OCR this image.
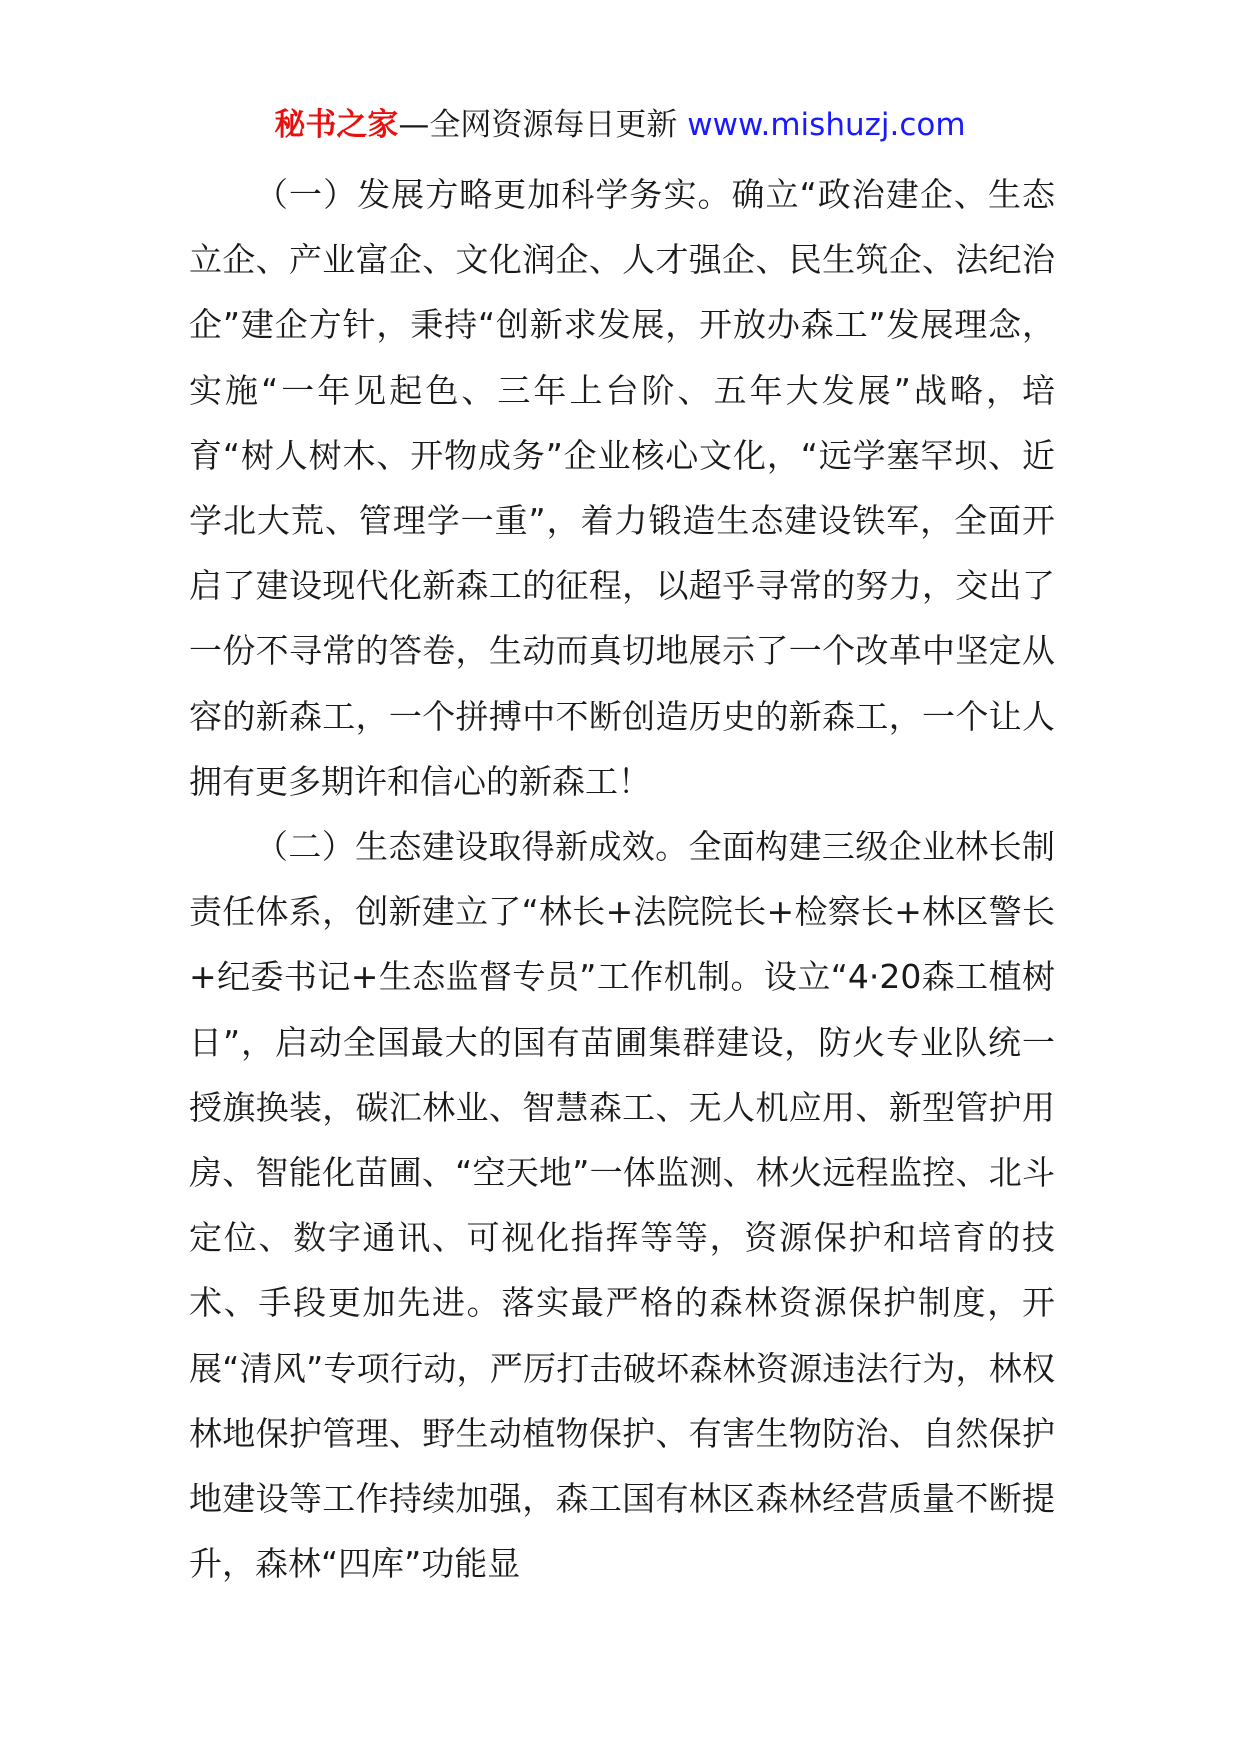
秘书之家—全网资源每日更新 www.mishuzj.com

（一）发展方略更加科学务实。确立“政治建企、生态立企、产业富企、文化润企、人才强企、民生筑企、法纪治企”建企方针，秉持“创新求发展，开放办森工”发展理念，实施“一年见起色、三年上台阶、五年大发展”战略，培育“树人树木、开物成务”企业核心文化，“远学塞罕坝、近学北大荒、管理学一重”，着力锻造生态建设铁军，全面开启了建设现代化新森工的征程，以超乎寻常的努力，交出了一份不寻常的答卷，生动而真切地展示了一个改革中坚定从容的新森工，一个拼搏中不断创造历史的新森工，一个让人拥有更多期许和信心的新森工！

（二）生态建设取得新成效。全面构建三级企业林长制责任体系，创新建立了“林长+法院院长+检察长+林区警长+纪委书记+生态监督专员”工作机制。设立“4·20森工植树日”，启动全国最大的国有苗圃集群建设，防火专业队统一授旗换装，碳汇林业、智慧森工、无人机应用、新型管护用房、智能化苗圃、“空天地”一体监测、林火远程监控、北斗定位、数字通讯、可视化指挥等等，资源保护和培育的技术、手段更加先进。落实最严格的森林资源保护制度，开展“清风”专项行动，严厉打击破坏森林资源违法行为，林权林地保护管理、野生动植物保护、有害生物防治、自然保护地建设等工作持续加强，森工国有林区森林经营质量不断提升，森林“四库”功能显
